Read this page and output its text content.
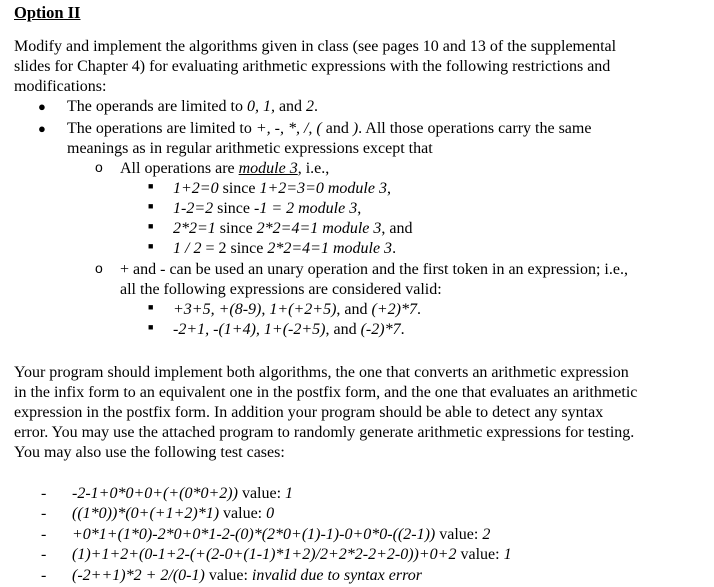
Option II
Modify and implement the algorithms given in class (see pages 10 and 13 of the supplemental
slides for Chapter 4) for evaluating arithmetic expressions with the following restrictions and
modifications:
● The operands are limited to 0, 1, and 2.
● The operations are limited to +, -, *, /, ( and ). All those operations carry the same
meanings as in regular arithmetic expressions except that
o All operations are module 3, i.e.,
■ 1+2=0 since 1+2=3=0 module 3,
■ 1-2=2 since -1 = 2 module 3,
■ 2*2=1 since 2*2=4=1 module 3, and
■ 1 / 2 = 2 since 2*2=4=1 module 3.
o + and - can be used an unary operation and the first token in an expression; i.e.,
all the following expressions are considered valid:
■ +3+5, +(8-9), 1+(+2+5), and (+2)*7.
■ -2+1, -(1+4), 1+(-2+5), and (-2)*7.
Your program should implement both algorithms, the one that converts an arithmetic expression
in the infix form to an equivalent one in the postfix form, and the one that evaluates an arithmetic
expression in the postfix form. In addition your program should be able to detect any syntax
error. You may use the attached program to randomly generate arithmetic expressions for testing.
You may also use the following test cases:
- -2-1+0*0+0+(+(0*0+2)) value: 1
- ((1*0))*(0+(+1+2)*1) value: 0
- +0*1+(1*0)-2*0+0*1-2-(0)*(2*0+(1)-1)-0+0*0-((2-1)) value: 2
- (1)+1+2+(0-1+2-(+(2-0+(1-1)*1+2)/2+2*2-2+2-0))+0+2 value: 1
- (-2++1)*2 + 2/(0-1) value: invalid due to syntax error
